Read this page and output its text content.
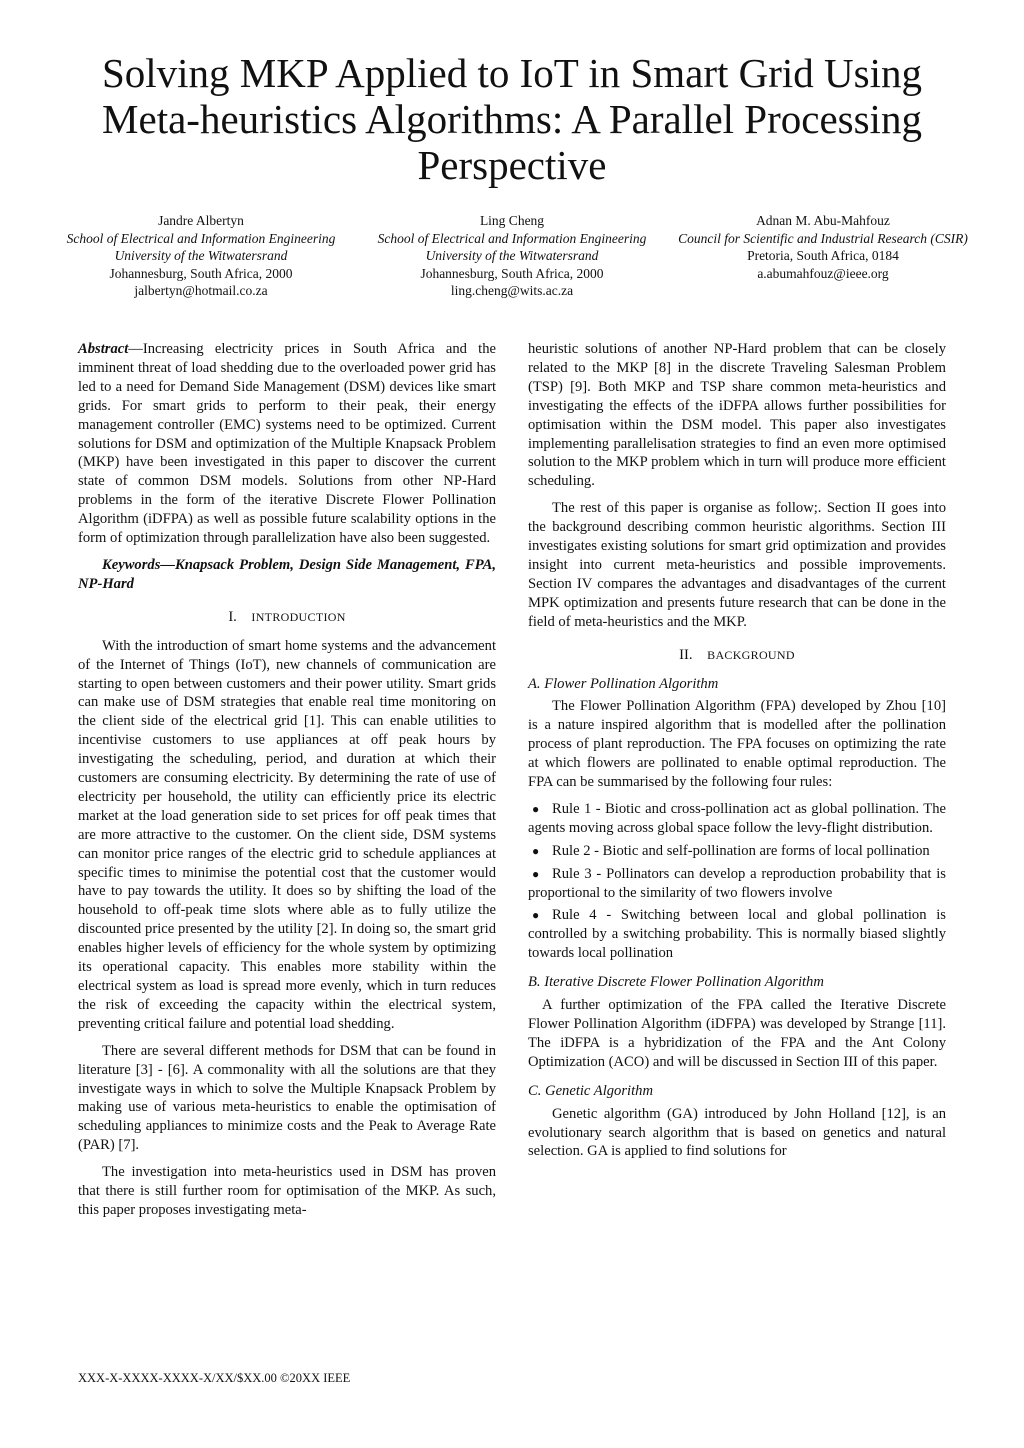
Solving MKP Applied to IoT in Smart Grid Using Meta-heuristics Algorithms: A Parallel Processing Perspective
Jandre Albertyn
School of Electrical and Information Engineering
University of the Witwatersrand
Johannesburg, South Africa, 2000
jalbertyn@hotmail.co.za
Ling Cheng
School of Electrical and Information Engineering
University of the Witwatersrand
Johannesburg, South Africa, 2000
ling.cheng@wits.ac.za
Adnan M. Abu-Mahfouz
Council for Scientific and Industrial Research (CSIR)
Pretoria, South Africa, 0184
a.abumahfouz@ieee.org

Abstract—Increasing electricity prices in South Africa and the imminent threat of load shedding due to the overloaded power grid has led to a need for Demand Side Management (DSM) devices like smart grids. For smart grids to perform to their peak, their energy management controller (EMC) systems need to be optimized. Current solutions for DSM and optimization of the Multiple Knapsack Problem (MKP) have been investigated in this paper to discover the current state of common DSM models. Solutions from other NP-Hard problems in the form of the iterative Discrete Flower Pollination Algorithm (iDFPA) as well as possible future scalability options in the form of optimization through parallelization have also been suggested.

Keywords—Knapsack Problem, Design Side Management, FPA, NP-Hard

I. INTRODUCTION

With the introduction of smart home systems and the advancement of the Internet of Things (IoT), new channels of communication are starting to open between customers and their power utility. Smart grids can make use of DSM strategies that enable real time monitoring on the client side of the electrical grid [1]. This can enable utilities to incentivise customers to use appliances at off peak hours by investigating the scheduling, period, and duration at which their customers are consuming electricity. By determining the rate of use of electricity per household, the utility can efficiently price its electric market at the load generation side to set prices for off peak times that are more attractive to the customer. On the client side, DSM systems can monitor price ranges of the electric grid to schedule appliances at specific times to minimise the potential cost that the customer would have to pay towards the utility. It does so by shifting the load of the household to off-peak time slots where able as to fully utilize the discounted price presented by the utility [2]. In doing so, the smart grid enables higher levels of efficiency for the whole system by optimizing its operational capacity. This enables more stability within the electrical system as load is spread more evenly, which in turn reduces the risk of exceeding the capacity within the electrical system, preventing critical failure and potential load shedding.

There are several different methods for DSM that can be found in literature [3] - [6]. A commonality with all the solutions are that they investigate ways in which to solve the Multiple Knapsack Problem by making use of various meta-heuristics to enable the optimisation of scheduling appliances to minimize costs and the Peak to Average Rate (PAR) [7].

The investigation into meta-heuristics used in DSM has proven that there is still further room for optimisation of the MKP. As such, this paper proposes investigating meta-

heuristic solutions of another NP-Hard problem that can be closely related to the MKP [8] in the discrete Traveling Salesman Problem (TSP) [9]. Both MKP and TSP share common meta-heuristics and investigating the effects of the iDFPA allows further possibilities for optimisation within the DSM model. This paper also investigates implementing parallelisation strategies to find an even more optimised solution to the MKP problem which in turn will produce more efficient scheduling.

The rest of this paper is organise as follow;. Section II goes into the background describing common heuristic algorithms. Section III investigates existing solutions for smart grid optimization and provides insight into current meta-heuristics and possible improvements. Section IV compares the advantages and disadvantages of the current MPK optimization and presents future research that can be done in the field of meta-heuristics and the MKP.

II. BACKGROUND
A. Flower Pollination Algorithm

The Flower Pollination Algorithm (FPA) developed by Zhou [10] is a nature inspired algorithm that is modelled after the pollination process of plant reproduction. The FPA focuses on optimizing the rate at which flowers are pollinated to enable optimal reproduction. The FPA can be summarised by the following four rules:

● Rule 1 - Biotic and cross-pollination act as global pollination. The agents moving across global space follow the levy-flight distribution.

● Rule 2 - Biotic and self-pollination are forms of local pollination

● Rule 3 - Pollinators can develop a reproduction probability that is proportional to the similarity of two flowers involve

● Rule 4 - Switching between local and global pollination is controlled by a switching probability. This is normally biased slightly towards local pollination

B. Iterative Discrete Flower Pollination Algorithm

A further optimization of the FPA called the Iterative Discrete Flower Pollination Algorithm (iDFPA) was developed by Strange [11]. The iDFPA is a hybridization of the FPA and the Ant Colony Optimization (ACO) and will be discussed in Section III of this paper.

C. Genetic Algorithm

Genetic algorithm (GA) introduced by John Holland [12], is an evolutionary search algorithm that is based on genetics and natural selection. GA is applied to find solutions for

XXX-X-XXXX-XXXX-X/XX/$XX.00 ©20XX IEEE
